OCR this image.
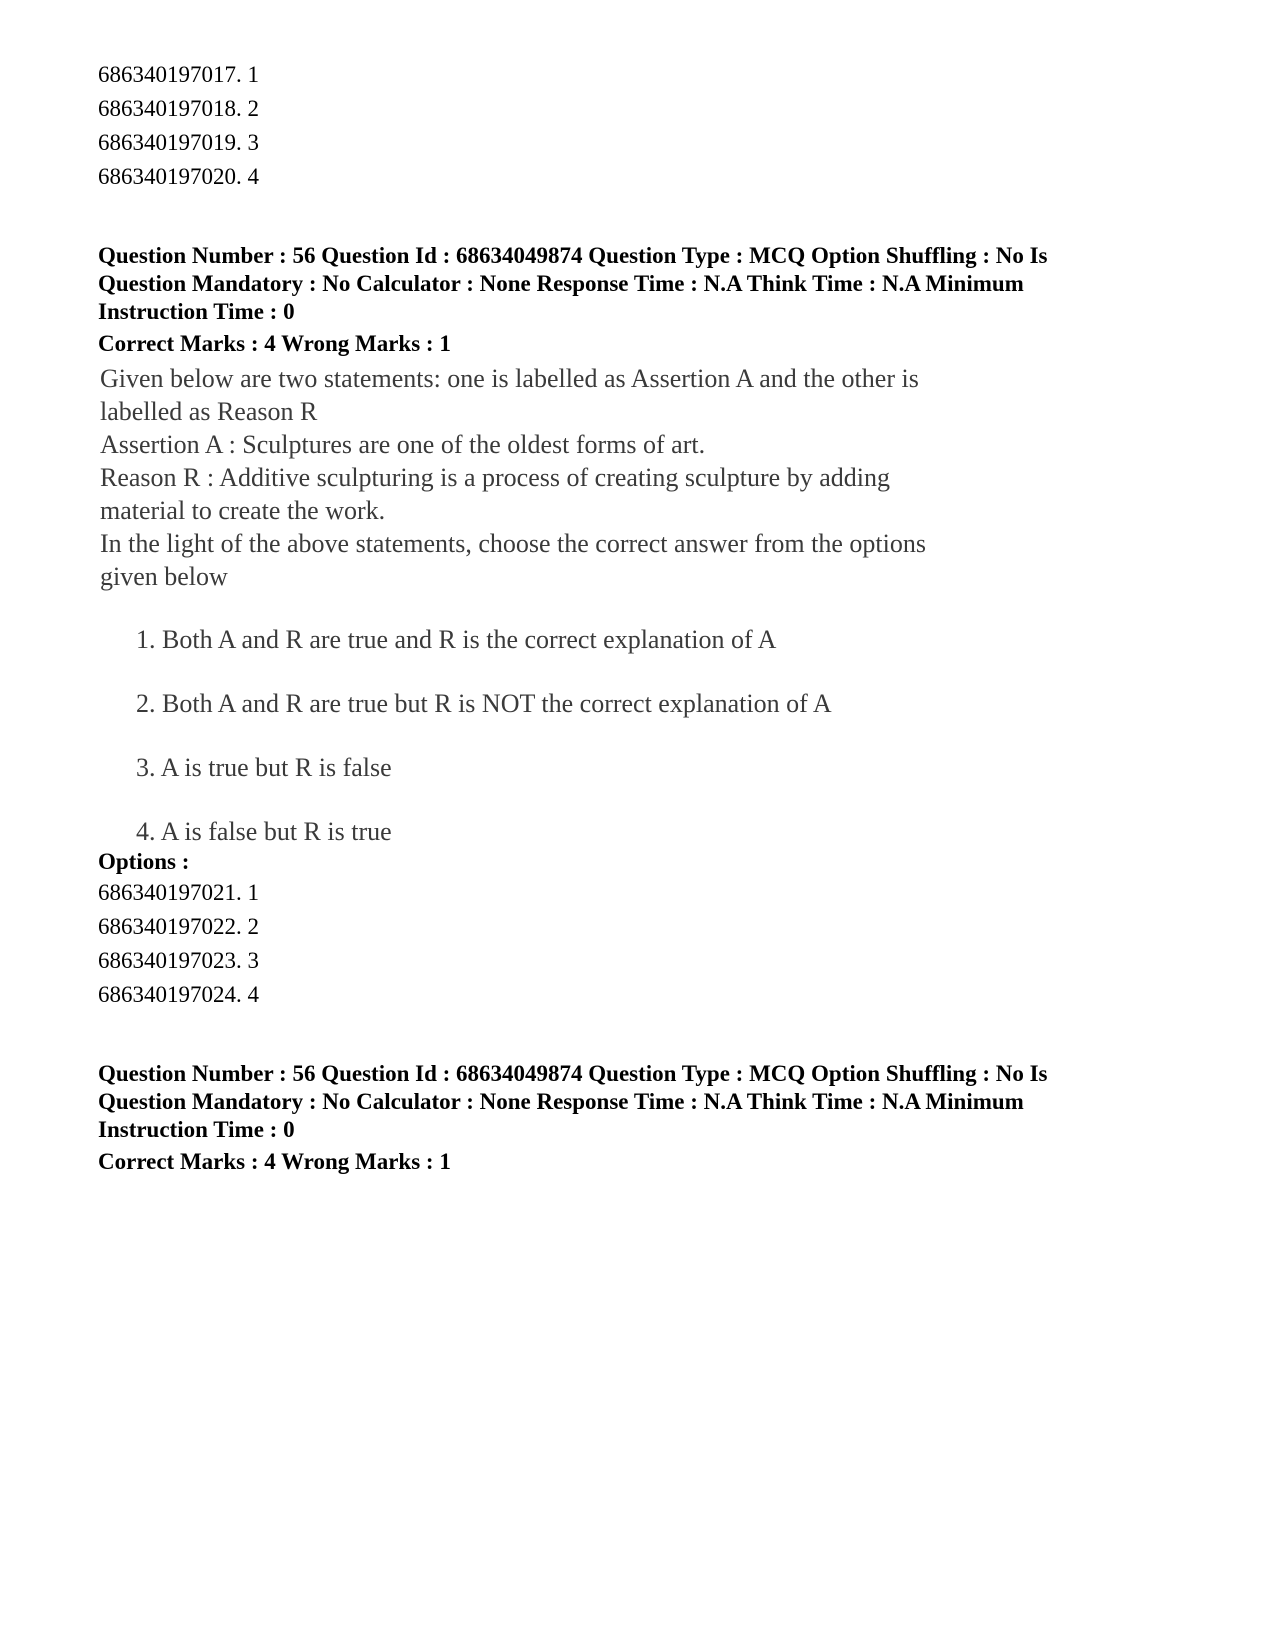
686340197017. 1
686340197018. 2
686340197019. 3
686340197020. 4
Question Number : 56 Question Id : 68634049874 Question Type : MCQ Option Shuffling : No Is
Question Mandatory : No Calculator : None Response Time : N.A Think Time : N.A Minimum
Instruction Time : 0
Correct Marks : 4 Wrong Marks : 1
Given below are two statements: one is labelled as Assertion A and the other is
labelled as Reason R
Assertion A : Sculptures are one of the oldest forms of art.
Reason R : Additive sculpturing is a process of creating sculpture by adding
material to create the work.
In the light of the above statements, choose the correct answer from the options
given below
1. Both A and R are true and R is the correct explanation of A
2. Both A and R are true but R is NOT the correct explanation of A
3. A is true but R is false
4. A is false but R is true
Options :
686340197021. 1
686340197022. 2
686340197023. 3
686340197024. 4
Question Number : 56 Question Id : 68634049874 Question Type : MCQ Option Shuffling : No Is
Question Mandatory : No Calculator : None Response Time : N.A Think Time : N.A Minimum
Instruction Time : 0
Correct Marks : 4 Wrong Marks : 1
